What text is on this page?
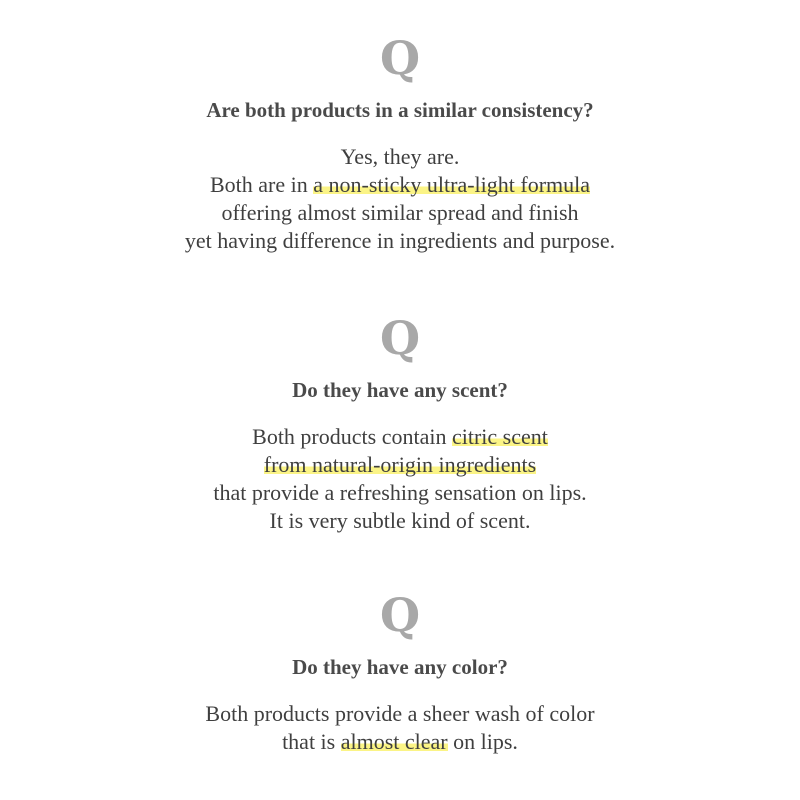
Q
Are both products in a similar consistency?
Yes, they are.
Both are in a non-sticky ultra-light formula
offering almost similar spread and finish
yet having difference in ingredients and purpose.
Q
Do they have any scent?
Both products contain citric scent
from natural-origin ingredients
that provide a refreshing sensation on lips.
It is very subtle kind of scent.
Q
Do they have any color?
Both products provide a sheer wash of color
that is almost clear on lips.
